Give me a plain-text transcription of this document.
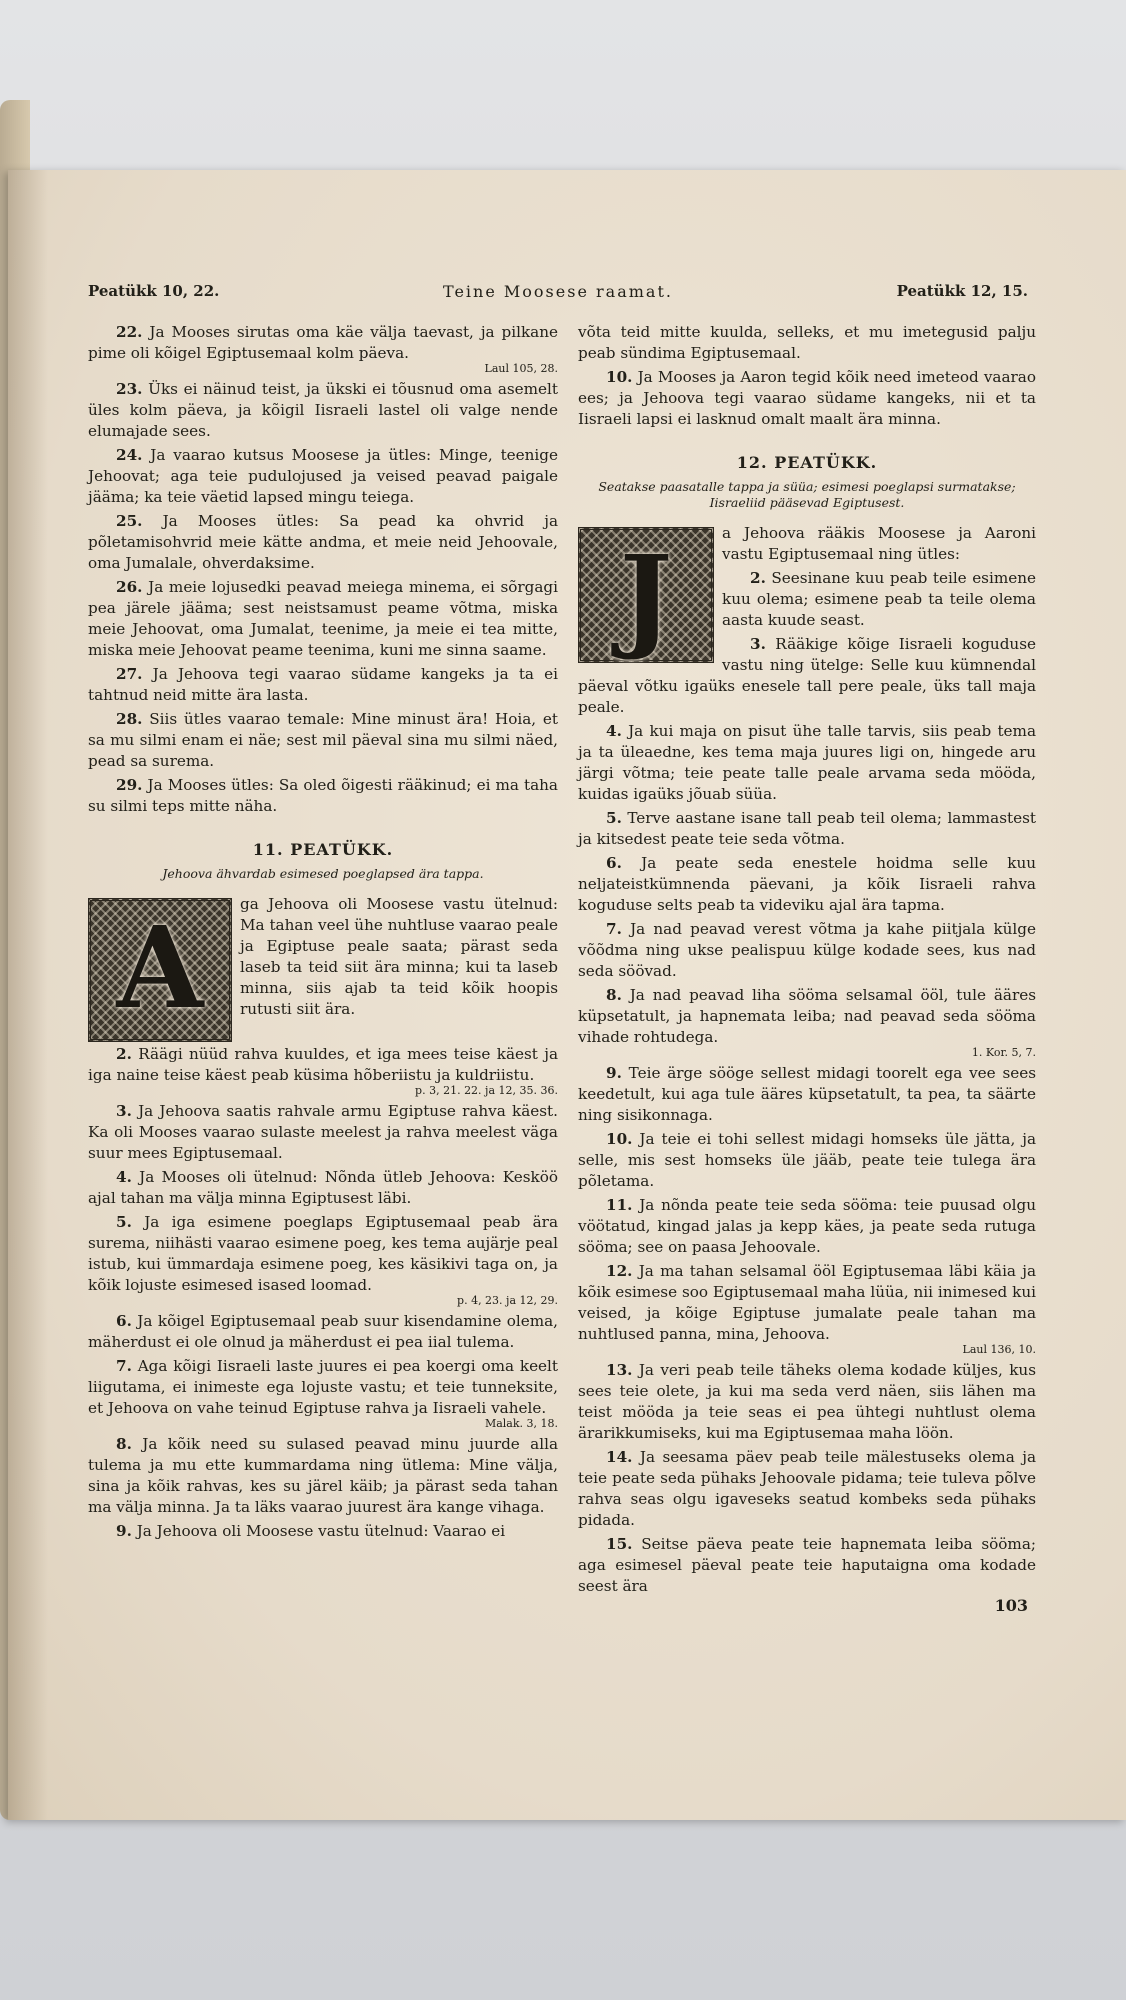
Peatükk 10, 22.	Teine Moosese raamat.	Peatükk 12, 15.

22. Ja Mooses sirutas oma käe välja taevast, ja pilkane pime oli kõigel Egiptusemaal kolm päeva.
Laul 105, 28.

23. Üks ei näinud teist, ja ükski ei tõusnud oma asemelt üles kolm päeva, ja kõigil Iisraeli lastel oli valge nende elumajade sees.

24. Ja vaarao kutsus Moosese ja ütles: Minge, teenige Jehoovat; aga teie pudulojused ja veised peavad paigale jääma; ka teie väetid lapsed mingu teiega.

25. Ja Mooses ütles: Sa pead ka ohvrid ja põletamisohvrid meie kätte andma, et meie neid Jehoovale, oma Jumalale, ohverdaksime.

26. Ja meie lojusedki peavad meiega minema, ei sõrgagi pea järele jääma; sest neistsamust peame võtma, miska meie Jehoovat, oma Jumalat, teenime, ja meie ei tea mitte, miska meie Jehoovat peame teenima, kuni me sinna saame.

27. Ja Jehoova tegi vaarao südame kangeks ja ta ei tahtnud neid mitte ära lasta.

28. Siis ütles vaarao temale: Mine minust ära! Hoia, et sa mu silmi enam ei näe; sest mil päeval sina mu silmi näed, pead sa surema.

29. Ja Mooses ütles: Sa oled õigesti rääkinud; ei ma taha su silmi teps mitte näha.

11. PEATÜKK.
Jehoova ähvardab esimesed poeglapsed ära tappa.
A	ga Jehoova oli Moosese vastu ütelnud: Ma tahan veel ühe nuhtluse vaarao peale ja Egiptuse peale saata; pärast seda laseb ta teid siit ära minna; kui ta laseb minna, siis ajab ta teid kõik hoopis rutusti siit ära.

2. Räägi nüüd rahva kuuldes, et iga mees teise käest ja iga naine teise käest peab küsima hõberiistu ja kuldriistu.
p. 3, 21. 22. ja 12, 35. 36.

3. Ja Jehoova saatis rahvale armu Egiptuse rahva käest. Ka oli Mooses vaarao sulaste meelest ja rahva meelest väga suur mees Egiptusemaal.

4. Ja Mooses oli ütelnud: Nõnda ütleb Jehoova: Kesköö ajal tahan ma välja minna Egiptusest läbi.

5. Ja iga esimene poeglaps Egiptusemaal peab ära surema, niihästi vaarao esimene poeg, kes tema aujärje peal istub, kui ümmardaja esimene poeg, kes käsikivi taga on, ja kõik lojuste esimesed isased loomad.
p. 4, 23. ja 12, 29.

6. Ja kõigel Egiptusemaal peab suur kisendamine olema, mäherdust ei ole olnud ja mäherdust ei pea iial tulema.

7. Aga kõigi Iisraeli laste juures ei pea koergi oma keelt liigutama, ei inimeste ega lojuste vastu; et teie tunneksite, et Jehoova on vahe teinud Egiptuse rahva ja Iisraeli vahele.
Malak. 3, 18.

8. Ja kõik need su sulased peavad minu juurde alla tulema ja mu ette kummardama ning ütlema: Mine välja, sina ja kõik rahvas, kes su järel käib; ja pärast seda tahan ma välja minna. Ja ta läks vaarao juurest ära kange vihaga.

9. Ja Jehoova oli Moosese vastu ütelnud: Vaarao ei

võta teid mitte kuulda, selleks, et mu imetegusid palju peab sündima Egiptusemaal.

10. Ja Mooses ja Aaron tegid kõik need imeteod vaarao ees; ja Jehoova tegi vaarao südame kangeks, nii et ta Iisraeli lapsi ei lasknud omalt maalt ära minna.

12. PEATÜKK.
Seatakse paasatalle tappa ja süüa; esimesi poeglapsi surmatakse; Iisraeliid pääsevad Egiptusest.
J	a Jehoova rääkis Moosese ja Aaroni vastu Egiptusemaal ning ütles:

2. Seesinane kuu peab teile esimene kuu olema; esimene peab ta teile olema aasta kuude seast.

3. Rääkige kõige Iisraeli koguduse vastu ning ütelge: Selle kuu kümnendal päeval võtku igaüks enesele tall pere peale, üks tall maja peale.

4. Ja kui maja on pisut ühe talle tarvis, siis peab tema ja ta üleaedne, kes tema maja juures ligi on, hingede aru järgi võtma; teie peate talle peale arvama seda mööda, kuidas igaüks jõuab süüa.

5. Terve aastane isane tall peab teil olema; lammastest ja kitsedest peate teie seda võtma.

6. Ja peate seda enestele hoidma selle kuu neljateistkümnenda päevani, ja kõik Iisraeli rahva koguduse selts peab ta videviku ajal ära tapma.

7. Ja nad peavad verest võtma ja kahe piitjala külge võõdma ning ukse pealispuu külge kodade sees, kus nad seda söövad.

8. Ja nad peavad liha sööma selsamal ööl, tule ääres küpsetatult, ja hapnemata leiba; nad peavad seda sööma vihade rohtudega.
1. Kor. 5, 7.

9. Teie ärge sööge sellest midagi toorelt ega vee sees keedetult, kui aga tule ääres küpsetatult, ta pea, ta säärte ning sisikonnaga.

10. Ja teie ei tohi sellest midagi homseks üle jätta, ja selle, mis sest homseks üle jääb, peate teie tulega ära põletama.

11. Ja nõnda peate teie seda sööma: teie puusad olgu vöötatud, kingad jalas ja kepp käes, ja peate seda rutuga sööma; see on paasa Jehoovale.

12. Ja ma tahan selsamal ööl Egiptusemaa läbi käia ja kõik esimese soo Egiptusemaal maha lüüa, nii inimesed kui veised, ja kõige Egiptuse jumalate peale tahan ma nuhtlused panna, mina, Jehoova.
Laul 136, 10.

13. Ja veri peab teile täheks olema kodade küljes, kus sees teie olete, ja kui ma seda verd näen, siis lähen ma teist mööda ja teie seas ei pea ühtegi nuhtlust olema ärarikkumiseks, kui ma Egiptusemaa maha löön.

14. Ja seesama päev peab teile mälestuseks olema ja teie peate seda pühaks Jehoovale pidama; teie tuleva põlve rahva seas olgu igaveseks seatud kombeks seda pühaks pidada.

15. Seitse päeva peate teie hapnemata leiba sööma; aga esimesel päeval peate teie haputaigna oma kodade seest ära

103
